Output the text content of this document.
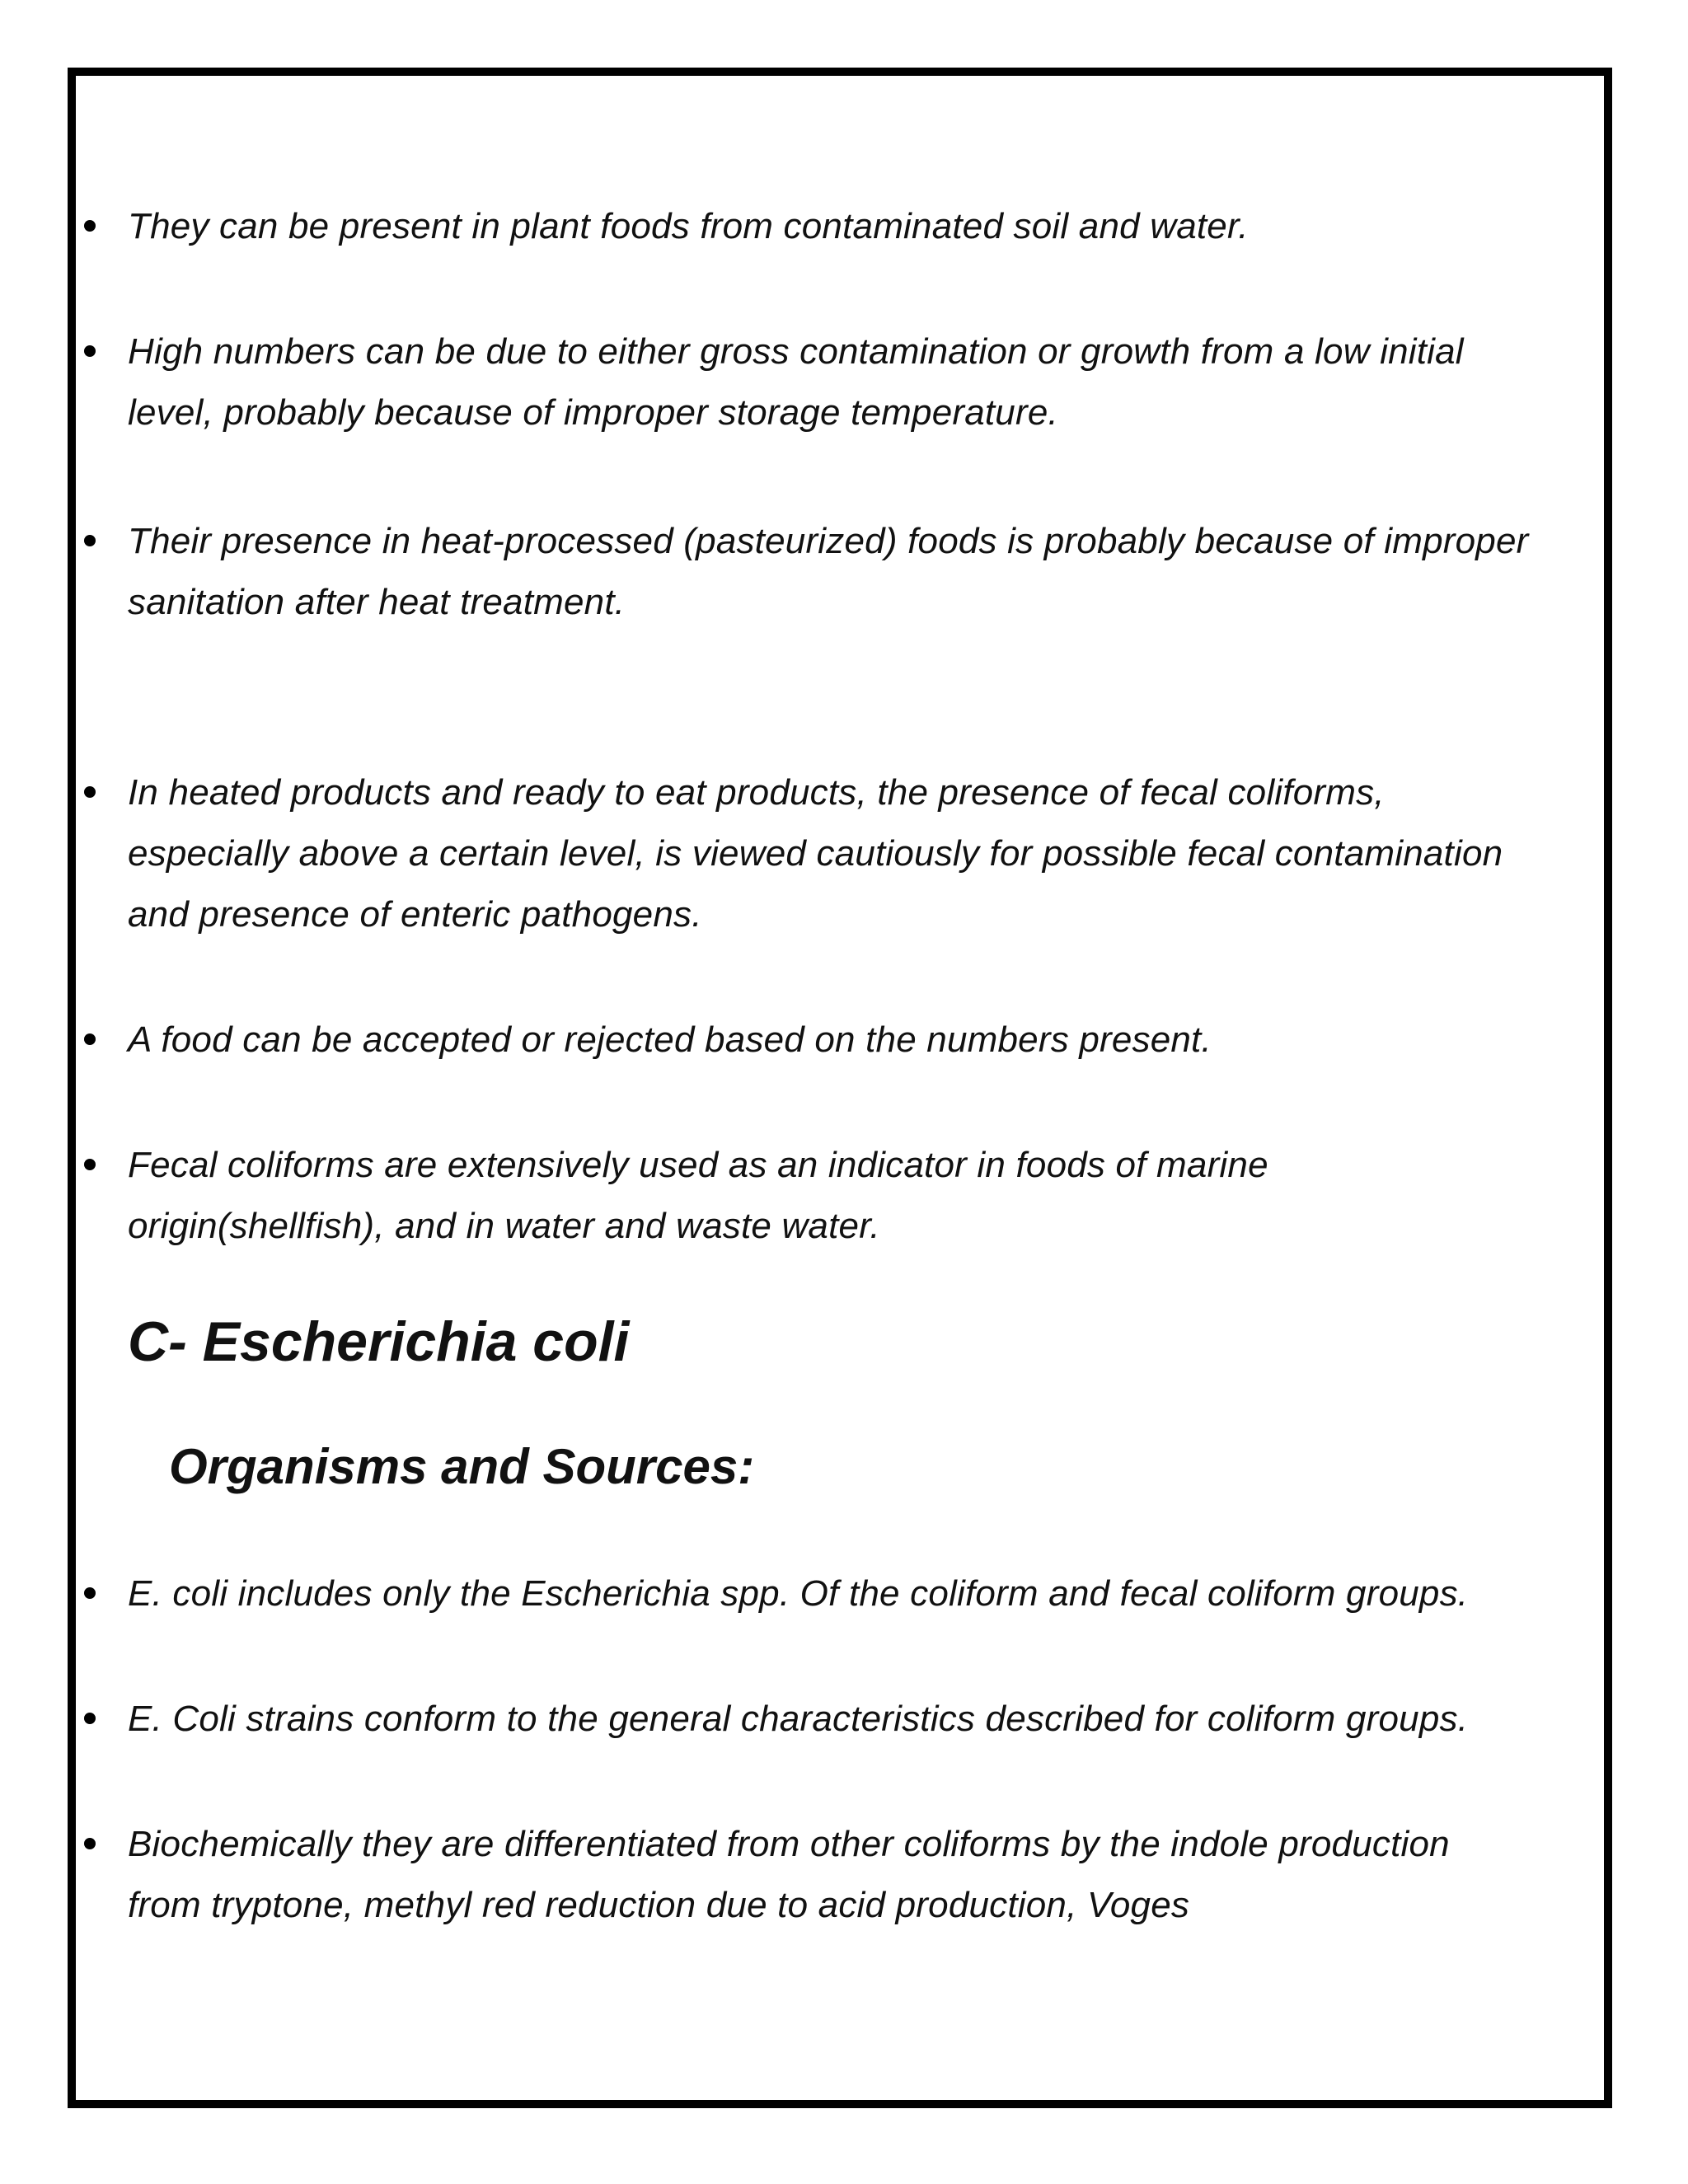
They can be present in plant foods from contaminated soil and water.
High numbers can be due to either gross contamination or growth from a low initial level, probably because of improper storage temperature.
Their presence in heat-processed (pasteurized) foods is probably because of improper sanitation after heat treatment.
In heated products and ready to eat products, the presence of fecal coliforms, especially above a certain level, is viewed cautiously for possible fecal contamination and presence of enteric pathogens.
A food can be accepted or rejected based on the numbers present.
Fecal coliforms are extensively used as an indicator in foods of marine origin(shellfish), and in water and waste water.
C- Escherichia coli
Organisms and Sources:
E. coli includes only the Escherichia spp. Of the coliform and fecal coliform groups.
E. Coli strains conform to the general characteristics described for coliform groups.
Biochemically they are differentiated from other coliforms by the indole production from tryptone, methyl red reduction due to acid production, Voges
